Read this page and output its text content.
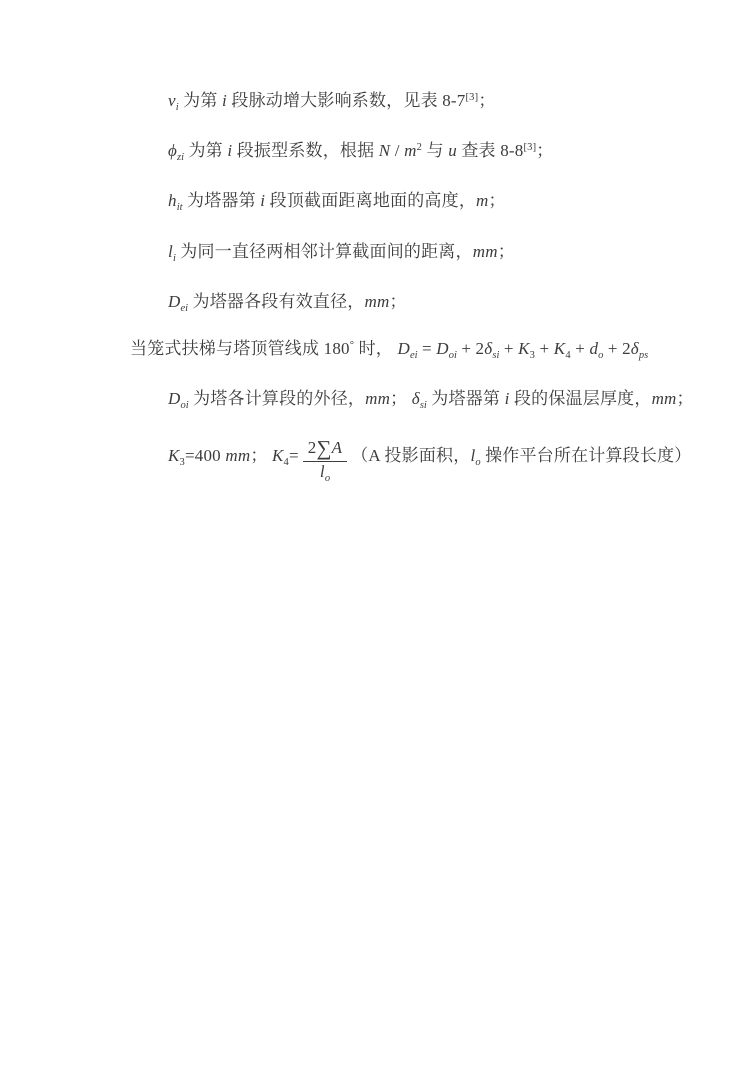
$v_i$ 为第 i 段脉动增大影响系数，见表 8-7[3]；

$\phi_{zi}$ 为第 i 段振型系数，根据 N / $m^2$ 与 u 查表 8-8[3]；

$h_{it}$ 为塔器第 i 段顶截面距离地面的高度，m；

$l_i$ 为同一直径两相邻计算截面间的距离，mm；

$D_{ei}$ 为塔器各段有效直径，mm；

当笼式扶梯与塔顶管线成 180° 时， $D_{ei} = D_{oi} + 2\delta_{si} + K_3 + K_4 + d_o + 2\delta_{ps}$

$D_{oi}$ 为塔各计算段的外径，mm； $\delta_{si}$ 为塔器第 i 段的保温层厚度，mm；

$K_3=400$ mm； $K_4= \frac{2\sum A}{l_o} (A$ 投影面积，$l_o$ 操作平台所在计算段长度）
